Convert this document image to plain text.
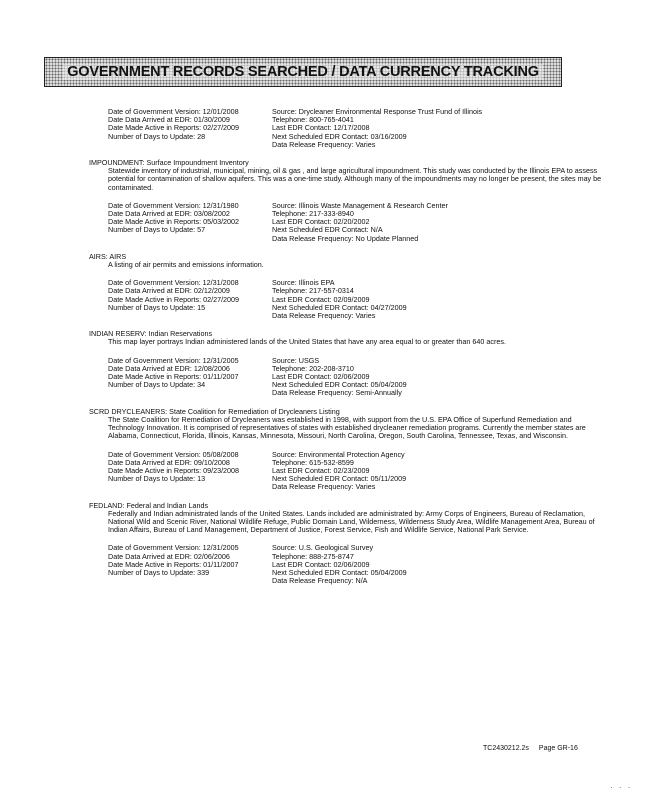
GOVERNMENT RECORDS SEARCHED / DATA CURRENCY TRACKING
Date of Government Version: 12/01/2008
Date Data Arrived at EDR: 01/30/2009
Date Made Active in Reports: 02/27/2009
Number of Days to Update: 28
Source: Drycleaner Environmental Response Trust Fund of Illinois
Telephone: 800-765-4041
Last EDR Contact: 12/17/2008
Next Scheduled EDR Contact: 03/16/2009
Data Release Frequency: Varies
IMPOUNDMENT: Surface Impoundment Inventory
Statewide inventory of industrial, municipal, mining, oil & gas , and large agricultural impoundment. This study was conducted by the Illinois EPA to assess potential for contamination of shallow aquifers. This was a one-time study. Although many of the impoundments may no longer be present, the sites may be contaminated.
Date of Government Version: 12/31/1980
Date Data Arrived at EDR: 03/08/2002
Date Made Active in Reports: 05/03/2002
Number of Days to Update: 57
Source: Illinois Waste Management & Research Center
Telephone: 217-333-8940
Last EDR Contact: 02/20/2002
Next Scheduled EDR Contact: N/A
Data Release Frequency: No Update Planned
AIRS: AIRS
A listing of air permits and emissions information.
Date of Government Version: 12/31/2008
Date Data Arrived at EDR: 02/12/2009
Date Made Active in Reports: 02/27/2009
Number of Days to Update: 15
Source: Illinois EPA
Telephone: 217-557-0314
Last EDR Contact: 02/09/2009
Next Scheduled EDR Contact: 04/27/2009
Data Release Frequency: Varies
INDIAN RESERV: Indian Reservations
This map layer portrays Indian administered lands of the United States that have any area equal to or greater than 640 acres.
Date of Government Version: 12/31/2005
Date Data Arrived at EDR: 12/08/2006
Date Made Active in Reports: 01/11/2007
Number of Days to Update: 34
Source: USGS
Telephone: 202-208-3710
Last EDR Contact: 02/06/2009
Next Scheduled EDR Contact: 05/04/2009
Data Release Frequency: Semi-Annually
SCRD DRYCLEANERS: State Coalition for Remediation of Drycleaners Listing
The State Coalition for Remediation of Drycleaners was established in 1998, with support from the U.S. EPA Office of Superfund Remediation and Technology Innovation. It is comprised of representatives of states with established drycleaner remediation programs. Currently the member states are Alabama, Connecticut, Florida, Illinois, Kansas, Minnesota, Missouri, North Carolina, Oregon, South Carolina, Tennessee, Texas, and Wisconsin.
Date of Government Version: 05/08/2008
Date Data Arrived at EDR: 09/10/2008
Date Made Active in Reports: 09/23/2008
Number of Days to Update: 13
Source: Environmental Protection Agency
Telephone: 615-532-8599
Last EDR Contact: 02/23/2009
Next Scheduled EDR Contact: 05/11/2009
Data Release Frequency: Varies
FEDLAND: Federal and Indian Lands
Federally and Indian administrated lands of the United States. Lands included are administrated by: Army Corps of Engineers, Bureau of Reclamation, National Wild and Scenic River, National Wildlife Refuge, Public Domain Land, Wilderness, Wilderness Study Area, Wildlife Management Area, Bureau of Indian Affairs, Bureau of Land Management, Department of Justice, Forest Service, Fish and Wildlife Service, National Park Service.
Date of Government Version: 12/31/2005
Date Data Arrived at EDR: 02/06/2006
Date Made Active in Reports: 01/11/2007
Number of Days to Update: 339
Source: U.S. Geological Survey
Telephone: 888-275-8747
Last EDR Contact: 02/06/2009
Next Scheduled EDR Contact: 05/04/2009
Data Release Frequency: N/A
TC2430212.2s Page GR-16
· · ·
